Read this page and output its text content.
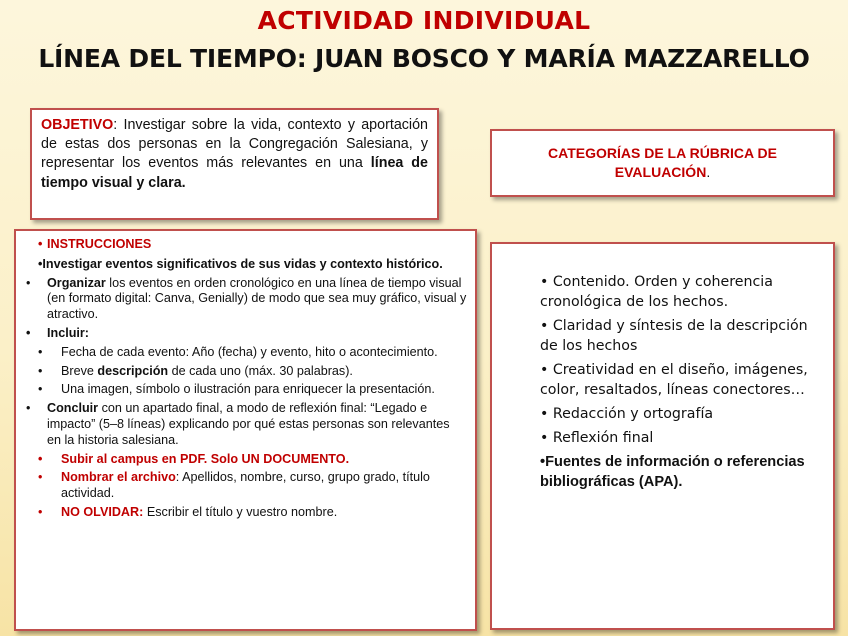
ACTIVIDAD INDIVIDUAL
LÍNEA DEL TIEMPO: JUAN BOSCO Y MARÍA MAZZARELLO

OBJETIVO: Investigar sobre la vida, contexto y aportación de estas dos personas en la Congregación Salesiana, y representar los eventos más relevantes en una línea de tiempo visual y clara.

CATEGORÍAS DE LA RÚBRICA DE EVALUACIÓN.
• INSTRUCCIONES
•Investigar eventos significativos de sus vidas y contexto histórico.
• Organizar los eventos en orden cronológico en una línea de tiempo visual (en formato digital: Canva, Genially) de modo que sea muy gráfico, visual y atractivo.
• Incluir:
• Fecha de cada evento: Año (fecha) y evento, hito o acontecimiento.
• Breve descripción de cada uno (máx. 30 palabras).
• Una imagen, símbolo o ilustración para enriquecer la presentación.
• Concluir con un apartado final, a modo de reflexión final: “Legado e impacto” (5–8 líneas) explicando por qué estas personas son relevantes en la historia salesiana.
• Subir al campus en PDF. Solo UN DOCUMENTO.
• Nombrar el archivo: Apellidos, nombre, curso, grupo grado, título actividad.
• NO OLVIDAR: Escribir el título y vuestro nombre.
• Contenido. Orden y coherencia cronológica de los hechos.
• Claridad y síntesis de la descripción de los hechos
• Creatividad en el diseño, imágenes, color, resaltados, líneas conectores…
• Redacción y ortografía
• Reflexión final
•Fuentes de información o referencias bibliográficas (APA).
